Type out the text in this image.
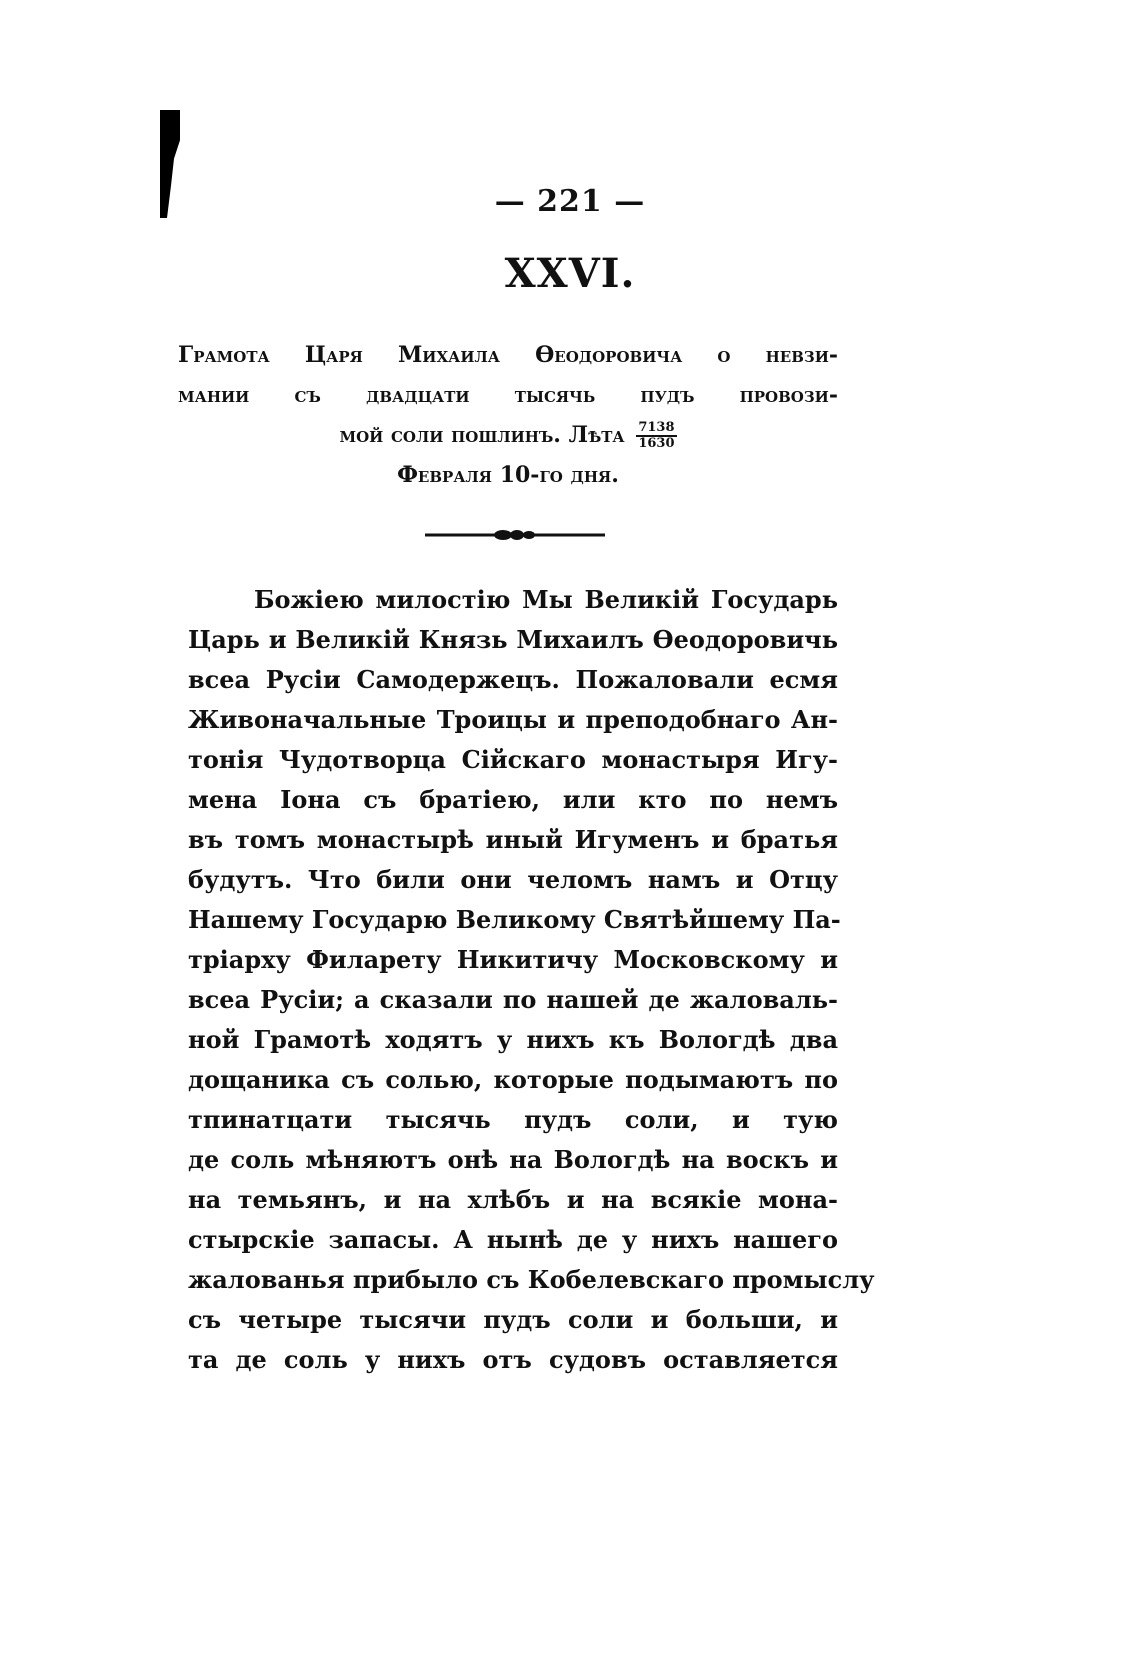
— 221 —
XXVI.
Грамота Царя Михаила Өеодоровича о невзи-
мании съ двадцати тысячь пудъ провози-
мой соли пошлинъ. Лѣта $\frac{7138}{1630}$
Февраля 10-го дня.
Божіею милостію Мы Великій Государь
Царь и Великій Князь Михаилъ Өеодоровичь
всеа Русіи Самодержецъ. Пожаловали есмя
Живоначальные Троицы и преподобнаго Ан-
тонія Чудотворца Сійскаго монастыря Игу-
мена Іона съ братіею, или кто по немъ
въ томъ монастырѣ иный Игуменъ и братья
будутъ. Что били они челомъ намъ и Отцу
Нашему Государю Великому Святѣйшему Па-
тріарху Филарету Никитичу Московскому и
всеа Русіи; а сказали по нашей де жаловаль-
ной Грамотѣ ходятъ у нихъ къ Вологдѣ два
дощаника съ солью, которые подымаютъ по
тпинатцати тысячь пудъ соли, и тую
де соль мѣняютъ онѣ на Вологдѣ на воскъ и
на темьянъ, и на хлѣбъ и на всякіе мона-
стырскіе запасы. А нынѣ де у нихъ нашего
жалованья прибыло съ Кобелевскаго промыслу
съ четыре тысячи пудъ соли и больши, и
та де соль у нихъ отъ судовъ оставляется
